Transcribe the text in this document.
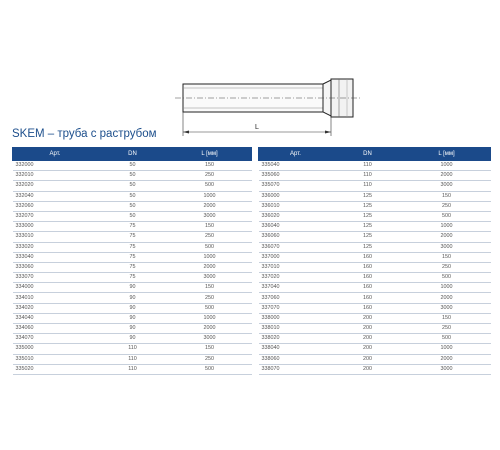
L
SKEM – труба с раструбом
Арт.	DN	L [мм]
332000	50	150
332010	50	250
332020	50	500
332040	50	1000
332060	50	2000
332070	50	3000
333000	75	150
333010	75	250
333020	75	500
333040	75	1000
333060	75	2000
333070	75	3000
334000	90	150
334010	90	250
334020	90	500
334040	90	1000
334060	90	2000
334070	90	3000
335000	110	150
335010	110	250
335020	110	500
Арт.	DN	L [мм]
335040	110	1000
335060	110	2000
335070	110	3000
336000	125	150
336010	125	250
336020	125	500
336040	125	1000
336060	125	2000
336070	125	3000
337000	160	150
337010	160	250
337020	160	500
337040	160	1000
337060	160	2000
337070	160	3000
338000	200	150
338010	200	250
338020	200	500
338040	200	1000
338060	200	2000
338070	200	3000
